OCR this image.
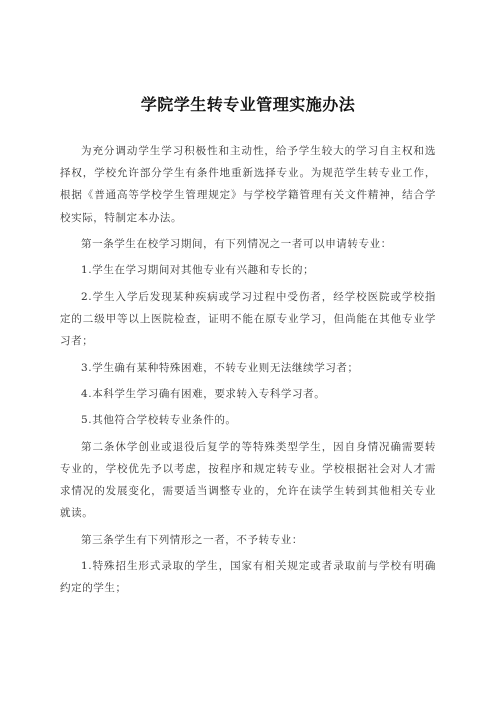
学院学生转专业管理实施办法

为充分调动学生学习积极性和主动性，给予学生较大的学习自主权和选择权，学校允许部分学生有条件地重新选择专业。为规范学生转专业工作，根据《普通高等学校学生管理规定》与学校学籍管理有关文件精神，结合学校实际，特制定本办法。

第一条学生在校学习期间，有下列情况之一者可以申请转专业：

1.学生在学习期间对其他专业有兴趣和专长的；

2.学生入学后发现某种疾病或学习过程中受伤者，经学校医院或学校指定的二级甲等以上医院检查，证明不能在原专业学习，但尚能在其他专业学习者；

3.学生确有某种特殊困难，不转专业则无法继续学习者；

4.本科学生学习确有困难，要求转入专科学习者。

5.其他符合学校转专业条件的。

第二条休学创业或退役后复学的等特殊类型学生，因自身情况确需要转专业的，学校优先予以考虑，按程序和规定转专业。学校根据社会对人才需求情况的发展变化，需要适当调整专业的，允许在读学生转到其他相关专业就读。

第三条学生有下列情形之一者，不予转专业：

1.特殊招生形式录取的学生，国家有相关规定或者录取前与学校有明确约定的学生；
